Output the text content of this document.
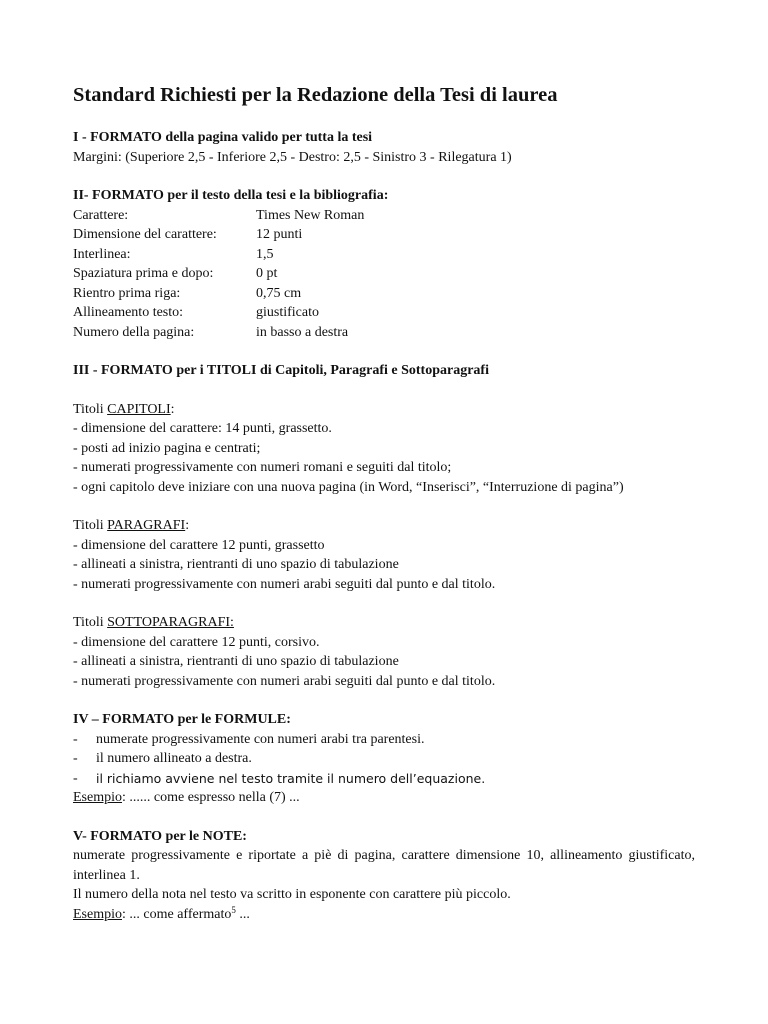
Standard Richiesti per la Redazione della Tesi di laurea
I - FORMATO della pagina valido per tutta la tesi
Margini: (Superiore 2,5 - Inferiore 2,5 - Destro: 2,5 - Sinistro 3 - Rilegatura 1)
II- FORMATO per il testo della tesi e la bibliografia:
Carattere:	Times New Roman
Dimensione del carattere:	12 punti
Interlinea:	1,5
Spaziatura prima e dopo:	0 pt
Rientro prima riga:	0,75 cm
Allineamento testo:	giustificato
Numero della pagina:	in basso a destra
III - FORMATO per i TITOLI di Capitoli, Paragrafi e Sottoparagrafi
Titoli CAPITOLI:
- dimensione del carattere: 14 punti, grassetto.
- posti ad inizio pagina e centrati;
- numerati progressivamente con numeri romani e seguiti dal titolo;
- ogni capitolo deve iniziare con una nuova pagina (in Word, “Inserisci”, “Interruzione di pagina”)
Titoli PARAGRAFI:
- dimensione del carattere 12 punti, grassetto
- allineati a sinistra, rientranti di uno spazio di tabulazione
- numerati progressivamente con numeri arabi seguiti dal punto e dal titolo.
Titoli SOTTOPARAGRAFI:
- dimensione del carattere 12 punti, corsivo.
- allineati a sinistra, rientranti di uno spazio di tabulazione
- numerati progressivamente con numeri arabi seguiti dal punto e dal titolo.
IV – FORMATO per le FORMULE:
-	numerate progressivamente con numeri arabi tra parentesi.
-	il numero allineato a destra.
-	il richiamo avviene nel testo tramite il numero dell’equazione.
Esempio: ...... come espresso nella (7) ...
V- FORMATO per le NOTE:
numerate progressivamente e riportate a piè di pagina, carattere dimensione 10, allineamento giustificato, interlinea 1.
Il numero della nota nel testo va scritto in esponente con carattere più piccolo.
Esempio: ... come affermato$^5$ ...
